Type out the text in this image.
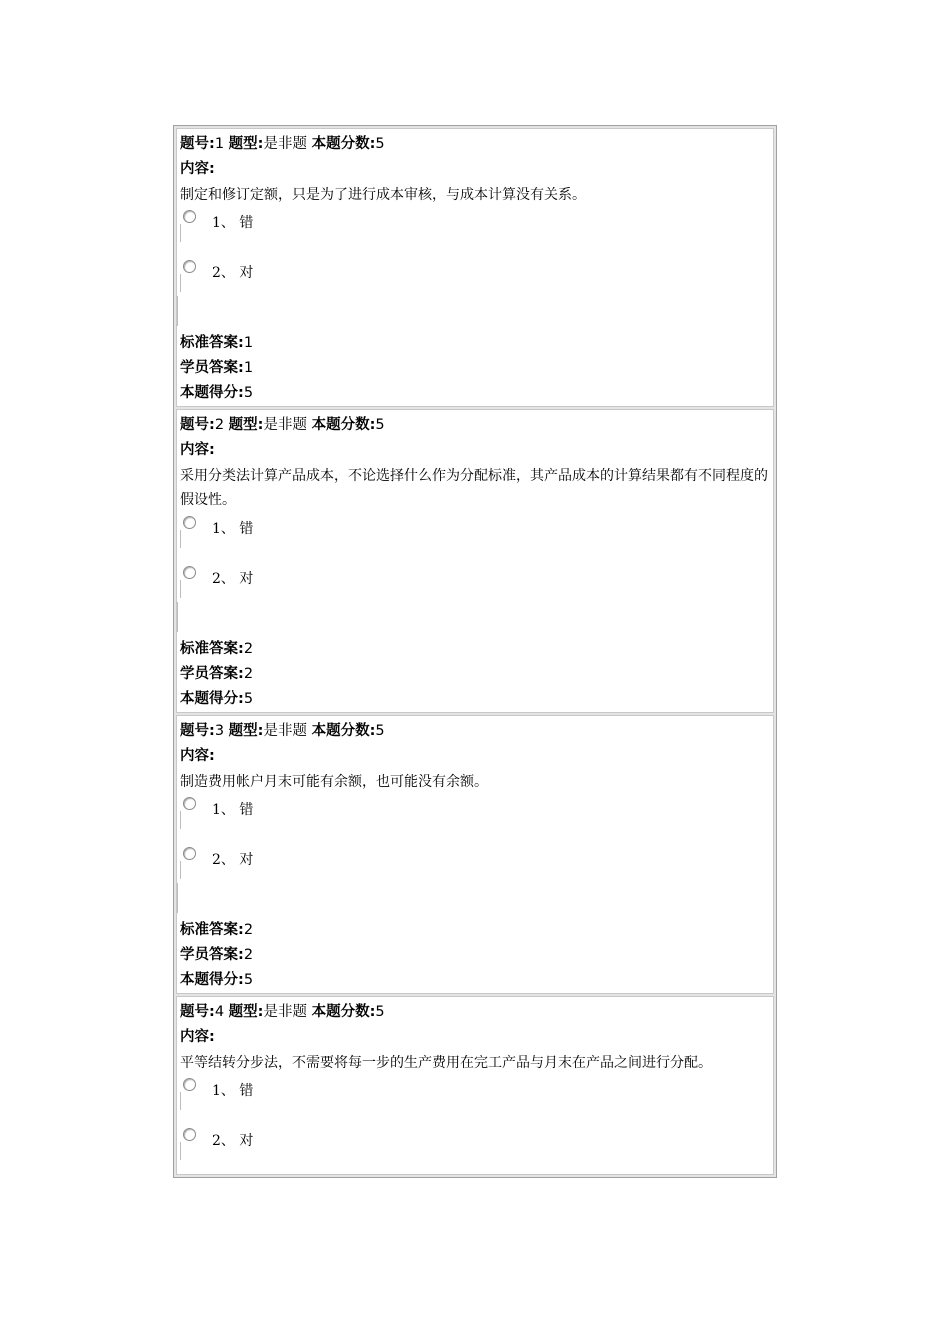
题号:1 题型:是非题 本题分数:5
内容:
制定和修订定额，只是为了进行成本审核，与成本计算没有关系。
1、 错
2、 对
标准答案:1
学员答案:1
本题得分:5
题号:2 题型:是非题 本题分数:5
内容:
采用分类法计算产品成本，不论选择什么作为分配标准，其产品成本的计算结果都有不同程度的假设性。
1、 错
2、 对
标准答案:2
学员答案:2
本题得分:5
题号:3 题型:是非题 本题分数:5
内容:
制造费用帐户月末可能有余额，也可能没有余额。
1、 错
2、 对
标准答案:2
学员答案:2
本题得分:5
题号:4 题型:是非题 本题分数:5
内容:
平等结转分步法，不需要将每一步的生产费用在完工产品与月末在产品之间进行分配。
1、 错
2、 对
